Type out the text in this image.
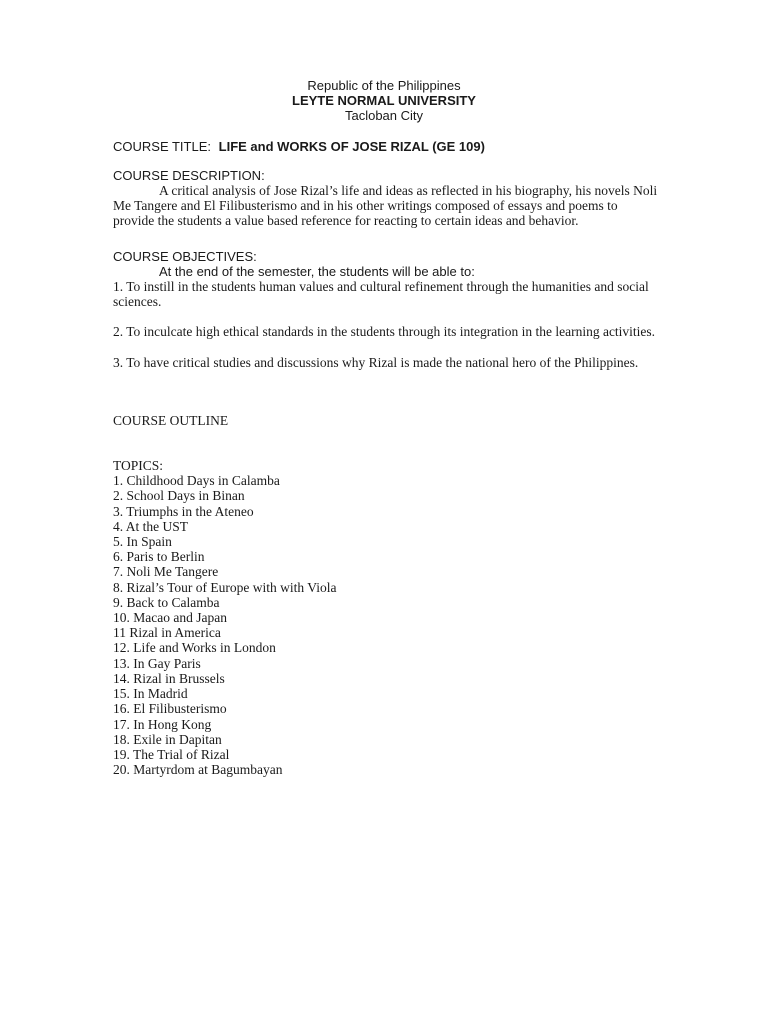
Republic of the Philippines
LEYTE NORMAL UNIVERSITY
Tacloban City
COURSE TITLE: LIFE and WORKS OF JOSE RIZAL (GE 109)
COURSE DESCRIPTION:

A critical analysis of Jose Rizal’s life and ideas as reflected in his biography, his novels Noli Me Tangere and El Filibusterismo and in his other writings composed of essays and poems to provide the students a value based reference for reacting to certain ideas and behavior.

COURSE OBJECTIVES:
At the end of the semester, the students will be able to:

1. To instill in the students human values and cultural refinement through the humanities and social sciences.

2. To inculcate high ethical standards in the students through its integration in the learning activities.

3. To have critical studies and discussions why Rizal is made the national hero of the Philippines.

COURSE OUTLINE
TOPICS:
1. Childhood Days in Calamba
2. School Days in Binan
3. Triumphs in the Ateneo
4. At the UST
5. In Spain
6. Paris to Berlin
7. Noli Me Tangere
8. Rizal’s Tour of Europe with with Viola
9. Back to Calamba
10. Macao and Japan
11 Rizal in America
12. Life and Works in London
13. In Gay Paris
14. Rizal in Brussels
15. In Madrid
16. El Filibusterismo
17. In Hong Kong
18. Exile in Dapitan
19. The Trial of Rizal
20. Martyrdom at Bagumbayan
